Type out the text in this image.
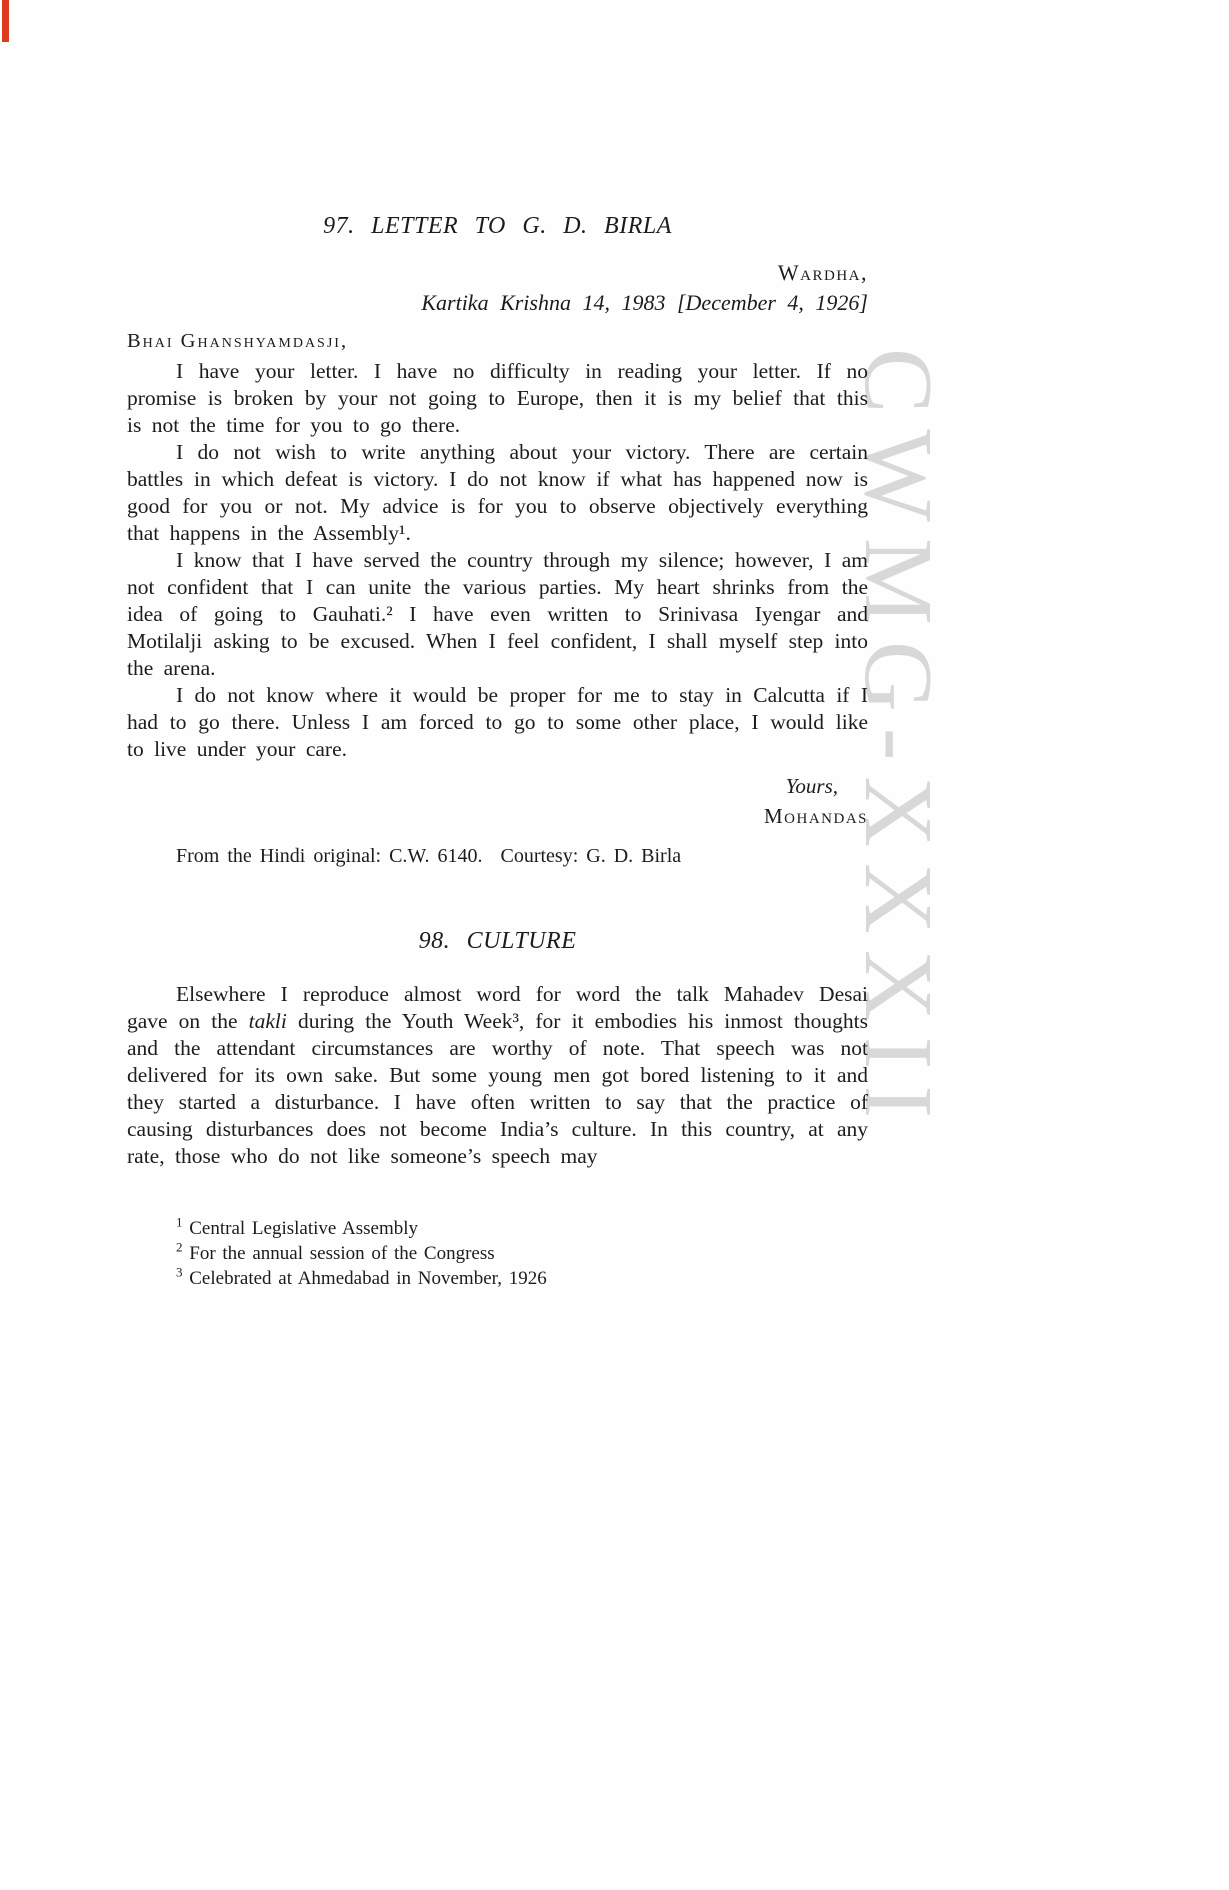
CWMG-XXXII
97. LETTER TO G. D. BIRLA

Wardha,

Kartika Krishna 14, 1983 [December 4, 1926]

Bhai Ghanshyamdasji,

I have your letter. I have no difficulty in reading your letter. If no promise is broken by your not going to Europe, then it is my belief that this is not the time for you to go there.

I do not wish to write anything about your victory. There are certain battles in which defeat is victory. I do not know if what has happened now is good for you or not. My advice is for you to observe objectively everything that happens in the Assembly¹.

I know that I have served the country through my silence; however, I am not confident that I can unite the various parties. My heart shrinks from the idea of going to Gauhati.² I have even written to Srinivasa Iyengar and Motilalji asking to be excused. When I feel confident, I shall myself step into the arena.

I do not know where it would be proper for me to stay in Calcutta if I had to go there. Unless I am forced to go to some other place, I would like to live under your care.

Yours,

Mohandas

From the Hindi original: C.W. 6140.  Courtesy: G. D. Birla

98. CULTURE

Elsewhere I reproduce almost word for word the talk Mahadev Desai gave on the takli during the Youth Week³, for it embodies his inmost thoughts and the attendant circumstances are worthy of note. That speech was not delivered for its own sake. But some young men got bored listening to it and they started a disturbance. I have often written to say that the practice of causing disturbances does not become India’s culture. In this country, at any rate, those who do not like someone’s speech may

$^1$ Central Legislative Assembly

$^2$ For the annual session of the Congress

$^3$ Celebrated at Ahmedabad in November, 1926
